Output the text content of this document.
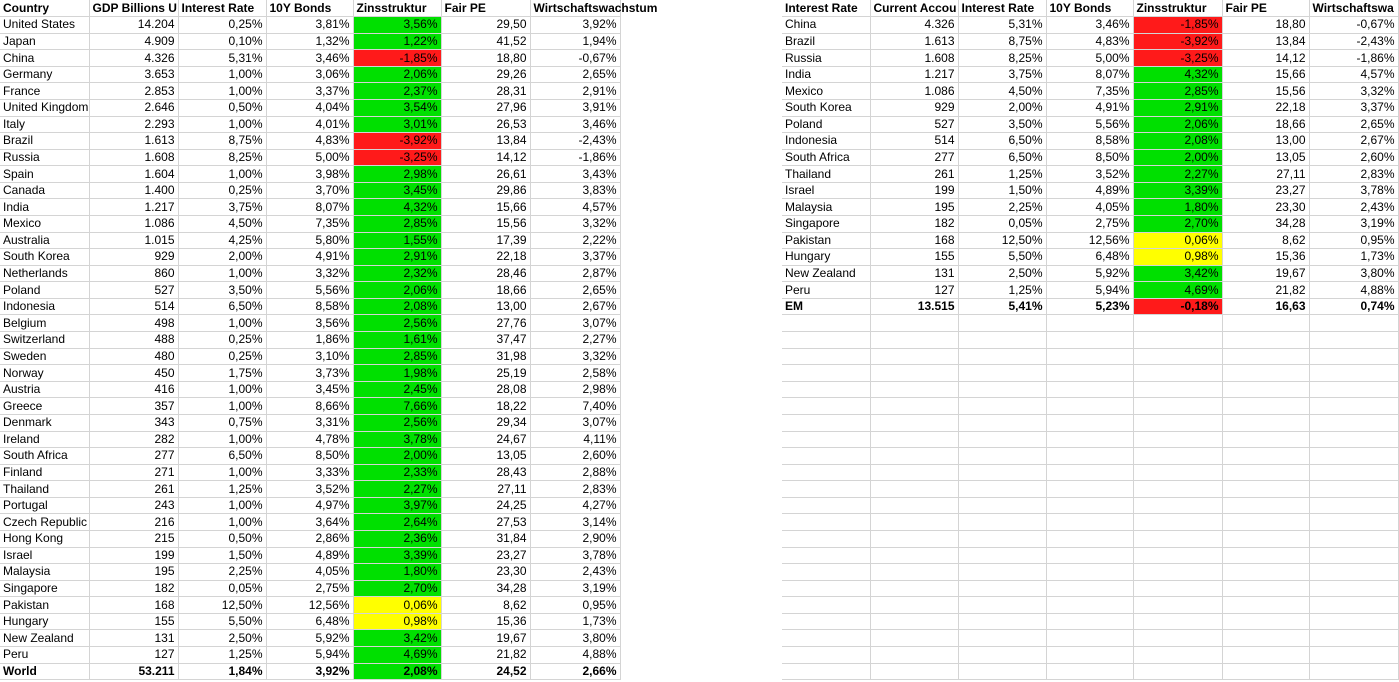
Country	GDP Billions U	Interest Rate	10Y Bonds	Zinsstruktur	Fair PE	Wirtschaftswachstum
United States	14.204	0,25%	3,81%	3,56%	29,50	3,92%
Japan	4.909	0,10%	1,32%	1,22%	41,52	1,94%
China	4.326	5,31%	3,46%	-1,85%	18,80	-0,67%
Germany	3.653	1,00%	3,06%	2,06%	29,26	2,65%
France	2.853	1,00%	3,37%	2,37%	28,31	2,91%
United Kingdom	2.646	0,50%	4,04%	3,54%	27,96	3,91%
Italy	2.293	1,00%	4,01%	3,01%	26,53	3,46%
Brazil	1.613	8,75%	4,83%	-3,92%	13,84	-2,43%
Russia	1.608	8,25%	5,00%	-3,25%	14,12	-1,86%
Spain	1.604	1,00%	3,98%	2,98%	26,61	3,43%
Canada	1.400	0,25%	3,70%	3,45%	29,86	3,83%
India	1.217	3,75%	8,07%	4,32%	15,66	4,57%
Mexico	1.086	4,50%	7,35%	2,85%	15,56	3,32%
Australia	1.015	4,25%	5,80%	1,55%	17,39	2,22%
South Korea	929	2,00%	4,91%	2,91%	22,18	3,37%
Netherlands	860	1,00%	3,32%	2,32%	28,46	2,87%
Poland	527	3,50%	5,56%	2,06%	18,66	2,65%
Indonesia	514	6,50%	8,58%	2,08%	13,00	2,67%
Belgium	498	1,00%	3,56%	2,56%	27,76	3,07%
Switzerland	488	0,25%	1,86%	1,61%	37,47	2,27%
Sweden	480	0,25%	3,10%	2,85%	31,98	3,32%
Norway	450	1,75%	3,73%	1,98%	25,19	2,58%
Austria	416	1,00%	3,45%	2,45%	28,08	2,98%
Greece	357	1,00%	8,66%	7,66%	18,22	7,40%
Denmark	343	0,75%	3,31%	2,56%	29,34	3,07%
Ireland	282	1,00%	4,78%	3,78%	24,67	4,11%
South Africa	277	6,50%	8,50%	2,00%	13,05	2,60%
Finland	271	1,00%	3,33%	2,33%	28,43	2,88%
Thailand	261	1,25%	3,52%	2,27%	27,11	2,83%
Portugal	243	1,00%	4,97%	3,97%	24,25	4,27%
Czech Republic	216	1,00%	3,64%	2,64%	27,53	3,14%
Hong Kong	215	0,50%	2,86%	2,36%	31,84	2,90%
Israel	199	1,50%	4,89%	3,39%	23,27	3,78%
Malaysia	195	2,25%	4,05%	1,80%	23,30	2,43%
Singapore	182	0,05%	2,75%	2,70%	34,28	3,19%
Pakistan	168	12,50%	12,56%	0,06%	8,62	0,95%
Hungary	155	5,50%	6,48%	0,98%	15,36	1,73%
New Zealand	131	2,50%	5,92%	3,42%	19,67	3,80%
Peru	127	1,25%	5,94%	4,69%	21,82	4,88%
World	53.211	1,84%	3,92%	2,08%	24,52	2,66%
Interest Rate	Current Accou	Interest Rate	10Y Bonds	Zinsstruktur	Fair PE	Wirtschaftswa
China	4.326	5,31%	3,46%	-1,85%	18,80	-0,67%
Brazil	1.613	8,75%	4,83%	-3,92%	13,84	-2,43%
Russia	1.608	8,25%	5,00%	-3,25%	14,12	-1,86%
India	1.217	3,75%	8,07%	4,32%	15,66	4,57%
Mexico	1.086	4,50%	7,35%	2,85%	15,56	3,32%
South Korea	929	2,00%	4,91%	2,91%	22,18	3,37%
Poland	527	3,50%	5,56%	2,06%	18,66	2,65%
Indonesia	514	6,50%	8,58%	2,08%	13,00	2,67%
South Africa	277	6,50%	8,50%	2,00%	13,05	2,60%
Thailand	261	1,25%	3,52%	2,27%	27,11	2,83%
Israel	199	1,50%	4,89%	3,39%	23,27	3,78%
Malaysia	195	2,25%	4,05%	1,80%	23,30	2,43%
Singapore	182	0,05%	2,75%	2,70%	34,28	3,19%
Pakistan	168	12,50%	12,56%	0,06%	8,62	0,95%
Hungary	155	5,50%	6,48%	0,98%	15,36	1,73%
New Zealand	131	2,50%	5,92%	3,42%	19,67	3,80%
Peru	127	1,25%	5,94%	4,69%	21,82	4,88%
EM	13.515	5,41%	5,23%	-0,18%	16,63	0,74%
